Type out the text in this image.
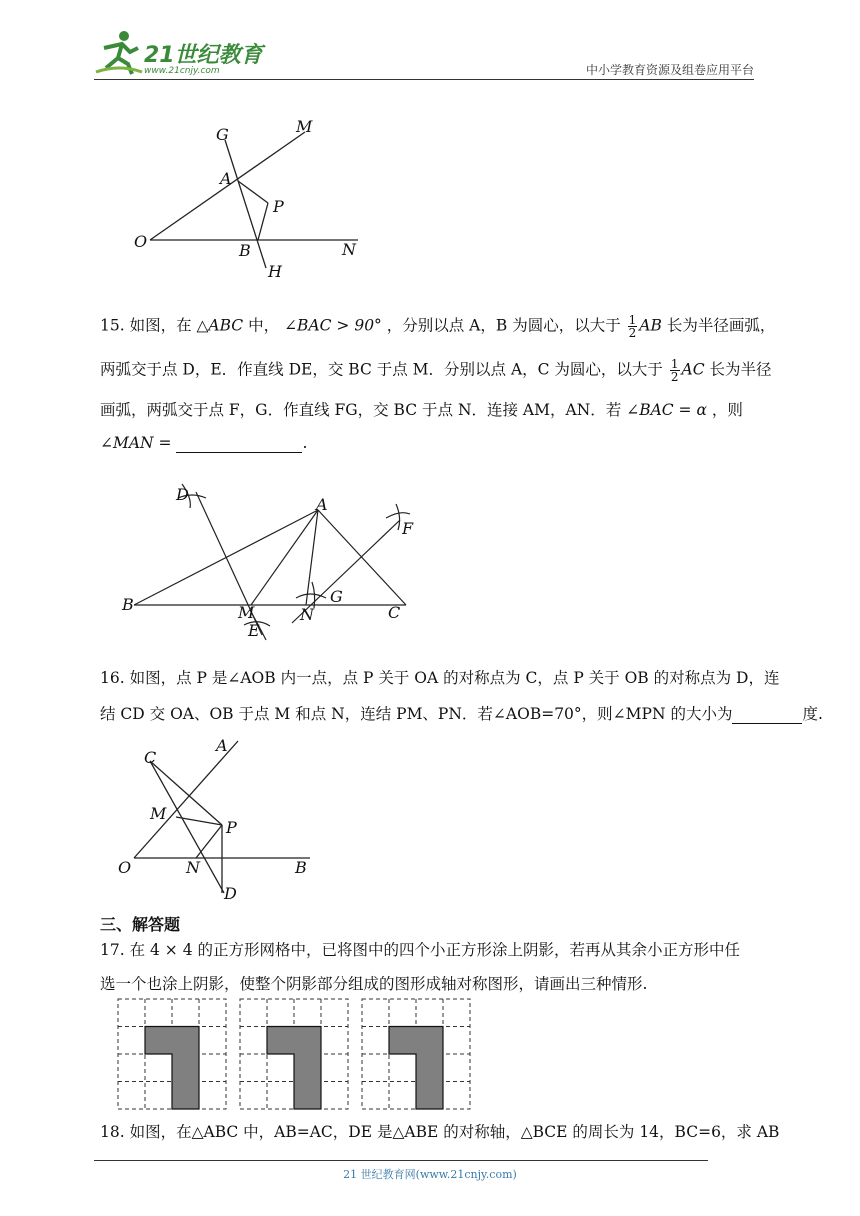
21世纪教育
www.21cnjy.com	中小学教育资源及组卷应用平台
G	M
A
P
O	B	N
H
15. 如图，在 △ABC 中， ∠BAC > 90° ，分别以点 A，B 为圆心，以大于 $\frac{1}{2}$ AB 长为半径画弧，
两弧交于点 D，E．作直线 DE，交 BC 于点 M．分别以点 A，C 为圆心，以大于 $\frac{1}{2}$ AC 长为半径
画弧，两弧交于点 F，G．作直线 FG，交 BC 于点 N．连接 AM，AN．若 ∠BAC = α ，则
∠MAN =	.
D
A
F
B	M
G
N	C
E
16. 如图，点 P 是∠AOB 内一点，点 P 关于 OA 的对称点为 C，点 P 关于 OB 的对称点为 D，连
结 CD 交 OA、OB 于点 M 和点 N，连结 PM、PN．若∠AOB=70°，则∠MPN 的大小为	度.
C
A
M
P
O	N	B
D
三、解答题
17. 在 4 × 4 的正方形网格中，已将图中的四个小正方形涂上阴影，若再从其余小正方形中任
选一个也涂上阴影，使整个阴影部分组成的图形成轴对称图形，请画出三种情形.
18. 如图，在△ABC 中，AB=AC，DE 是△ABE 的对称轴，△BCE 的周长为 14，BC=6，求 AB
21 世纪教育网(www.21cnjy.com)
